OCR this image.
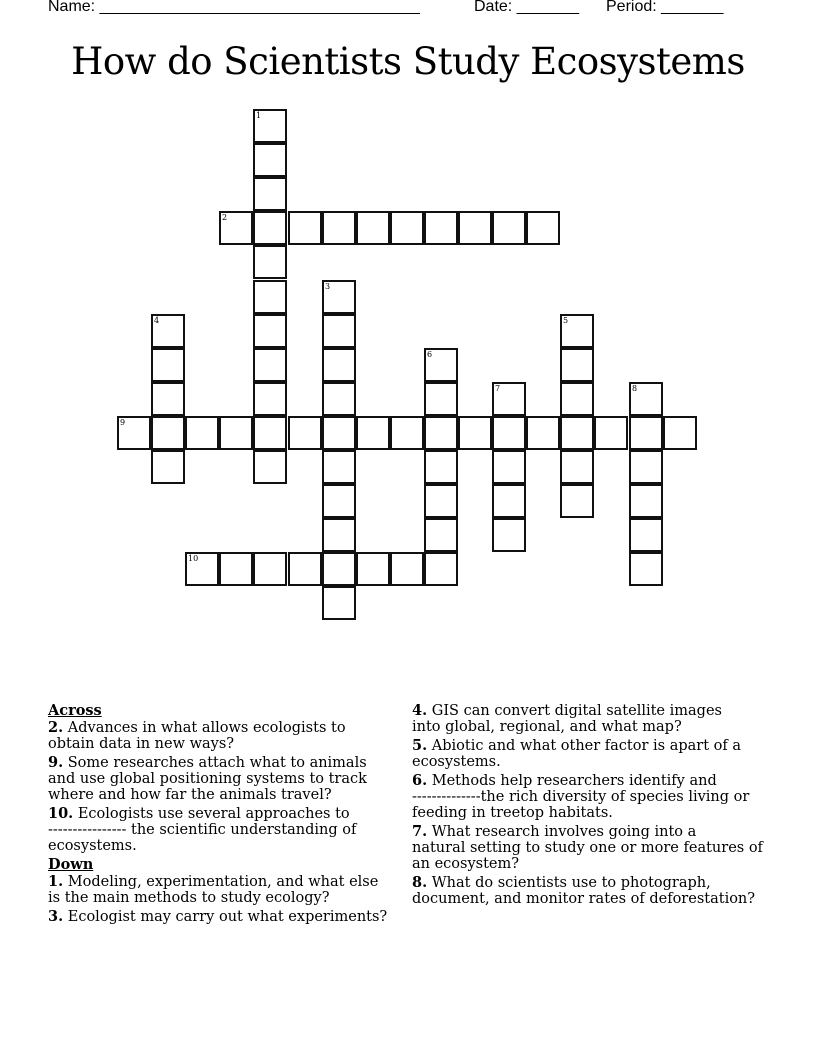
Name: ____________________________________

	Date: _______

Period: _______

How do Scientists Study Ecosystems
1
2
3
4	5
6
7	8
9
10
Across
2. Advances in what allows ecologists to
obtain data in new ways?
9. Some researches attach what to animals
and use global positioning systems to track
where and how far the animals travel?
10. Ecologists use several approaches to
---------------- the scientific understanding of
ecosystems.
Down
1. Modeling, experimentation, and what else
is the main methods to study ecology?
3. Ecologist may carry out what experiments?
4. GIS can convert digital satellite images
into global, regional, and what map?
5. Abiotic and what other factor is apart of a
ecosystems.
6. Methods help researchers identify and
--------------the rich diversity of species living or
feeding in treetop habitats.
7. What research involves going into a
natural setting to study one or more features of
an ecosystem?
8. What do scientists use to photograph,
document, and monitor rates of deforestation?
